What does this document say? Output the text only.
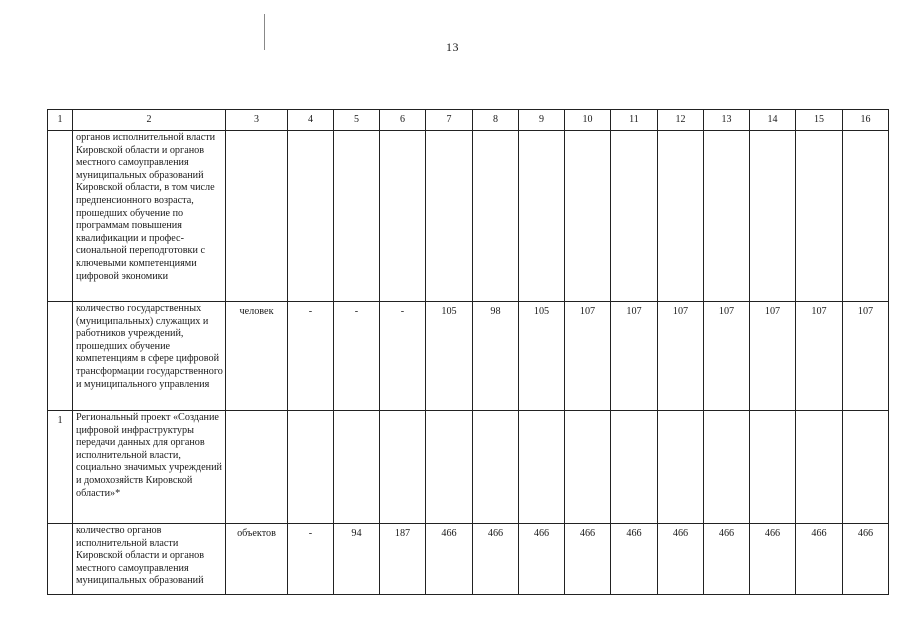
13
1	2	3	4	5	6	7	8	9	10	11	12	13	14	15	16
	органов исполнительной власти Кировской области и органов местного самоуправления муниципальных образований Кировской области, в том числе предпенсионного возраста, прошедших обучение по программам повышения квалификации и профес-сиональной переподготовки с ключевыми компетенциями цифровой экономики														
	количество государственных (муниципальных) служащих и работников учреждений, прошедших обучение компетенциям в сфере цифровой трансформации государственного и муниципального управления	человек	-	-	-	105	98	105	107	107	107	107	107	107	107
1	Региональный проект «Создание цифровой инфраструктуры передачи данных для органов исполнительной власти, социально значимых учреждений и домохозяйств Кировской области»*														
	количество органов исполнительной власти Кировской области и органов местного самоуправления муниципальных образований	объектов	-	94	187	466	466	466	466	466	466	466	466	466	466
